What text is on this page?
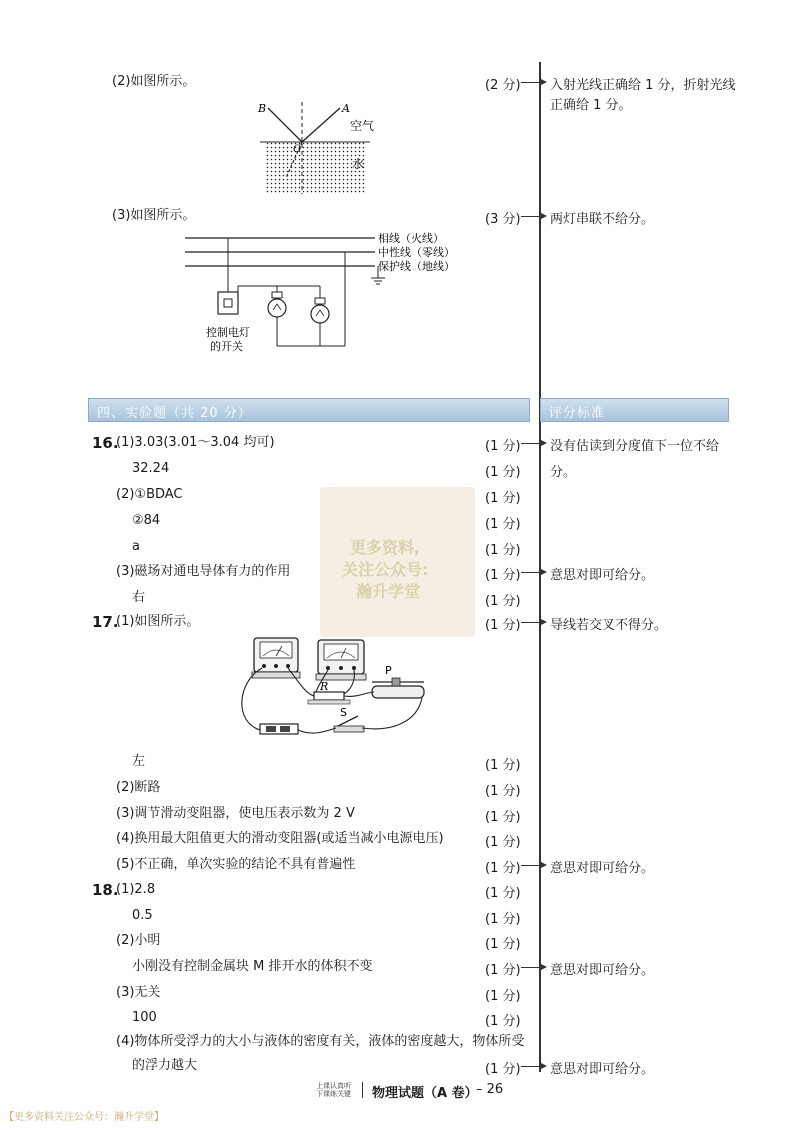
(2)如图所示。	(2 分) 入射光线正确给 1 分，折射光线
正确给 1 分。
B	A
O
空气
水
(3)如图所示。	(3 分) 两灯串联不给分。
相线（火线）
中性线（零线）
保护线（地线）
控制电灯
的开关
四、实验题（共 20 分）	评分标准
更多资料,
关注公众号:
瀚升学堂
16.
(1)3.03(3.01～3.04 均可)	(1 分) 没有估读到分度值下一位不给
32.24	(1 分) 分。
(2)①BDAC	(1 分)
②84	(1 分)
a	(1 分)
(3)磁场对通电导体有力的作用	(1 分) 意思对即可给分。
右	(1 分)
17.
(1)如图所示。	(1 分) 导线若交叉不得分。
左	(1 分)
(2)断路	(1 分)
(3)调节滑动变阻器，使电压表示数为 2 V	(1 分)
(4)换用最大阻值更大的滑动变阻器(或适当减小电源电压)	(1 分)
(5)不正确，单次实验的结论不具有普遍性	(1 分) 意思对即可给分。
18.
(1)2.8	(1 分)
0.5	(1 分)
(2)小明	(1 分)
小刚没有控制金属块 M 排开水的体积不变	(1 分) 意思对即可给分。
(3)无关	(1 分)
100	(1 分)
(4)物体所受浮力的大小与液体的密度有关，液体的密度越大，物体所受
的浮力越大	(1 分) 意思对即可给分。
R
P
S
上课认真听
下课练关键 物理试题（A 卷）
– 26
【更多资料关注公众号：瀚升学堂】
